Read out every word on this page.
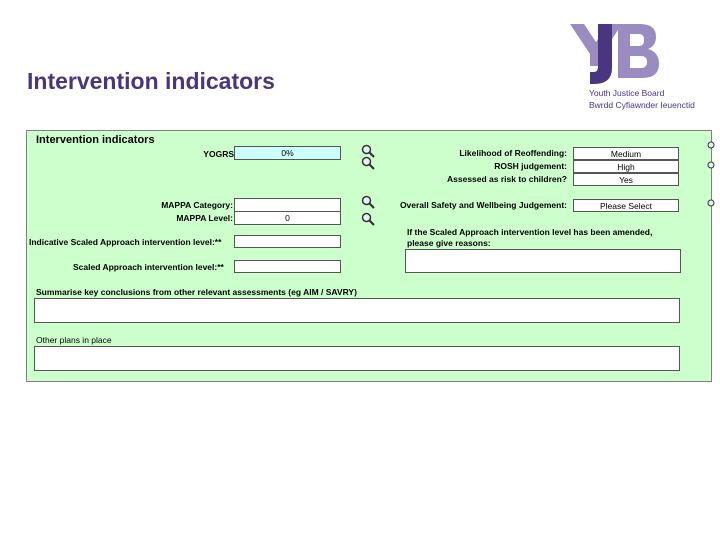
Intervention indicators	Youth Justice Board
Bwrdd Cyfiawnder Ieuenctid
Intervention indicators
YOGRS	0%	Likelihood of Reoffending:	Medium
ROSH judgement:	High
Assessed as risk to children?	Yes
MAPPA Category:
MAPPA Level:	0
Overall Safety and Wellbeing Judgement:	Please Select
Indicative Scaled Approach intervention level:**
Scaled Approach intervention level:**
If the Scaled Approach intervention level has been amended,
please give reasons:
Summarise key conclusions from other relevant assessments (eg AIM / SAVRY)
Other plans in place
